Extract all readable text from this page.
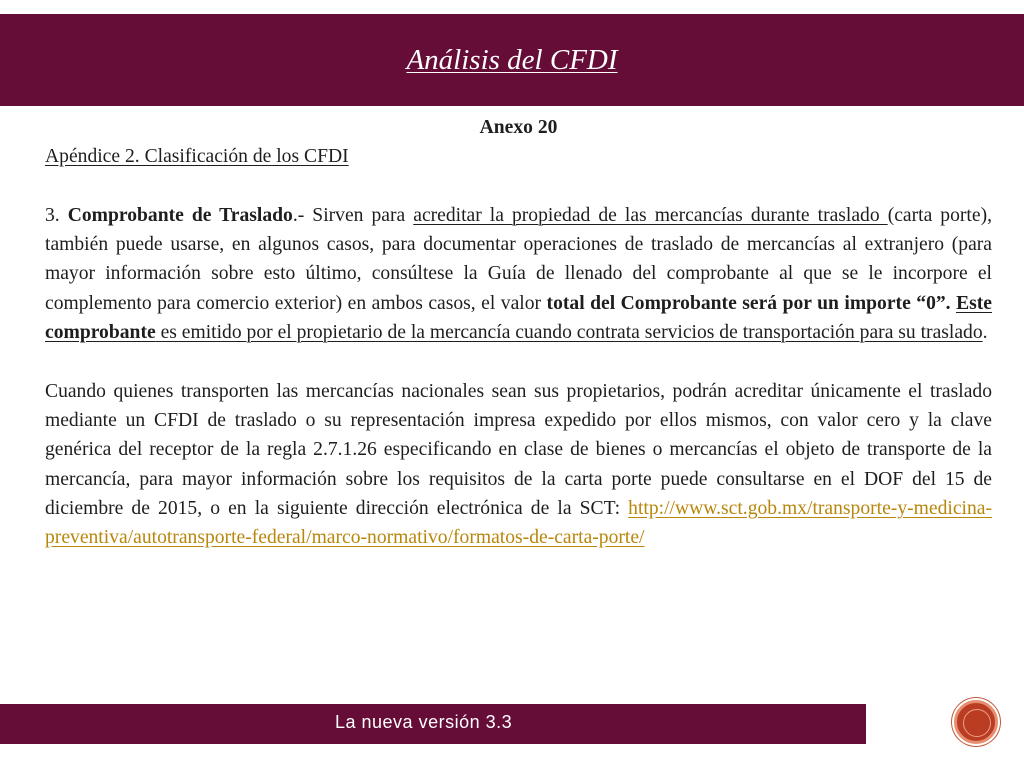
Análisis del CFDI

Anexo 20

Apéndice 2. Clasificación de los CFDI

3. Comprobante de Traslado.- Sirven para acreditar la propiedad de las mercancías durante traslado (carta porte), también puede usarse, en algunos casos, para documentar operaciones de traslado de mercancías al extranjero (para mayor información sobre esto último, consúltese la Guía de llenado del comprobante al que se le incorpore el complemento para comercio exterior) en ambos casos, el valor total del Comprobante será por un importe “0”. Este comprobante es emitido por el propietario de la mercancía cuando contrata servicios de transportación para su traslado.

Cuando quienes transporten las mercancías nacionales sean sus propietarios, podrán acreditar únicamente el traslado mediante un CFDI de traslado o su representación impresa expedido por ellos mismos, con valor cero y la clave genérica del receptor de la regla 2.7.1.26 especificando en clase de bienes o mercancías el objeto de transporte de la mercancía, para mayor información sobre los requisitos de la carta porte puede consultarse en el DOF del 15 de diciembre de 2015, o en la siguiente dirección electrónica de la SCT: http://www.sct.gob.mx/transporte-y-medicina-preventiva/autotransporte-federal/marco-normativo/formatos-de-carta-porte/

La nueva versión 3.3
